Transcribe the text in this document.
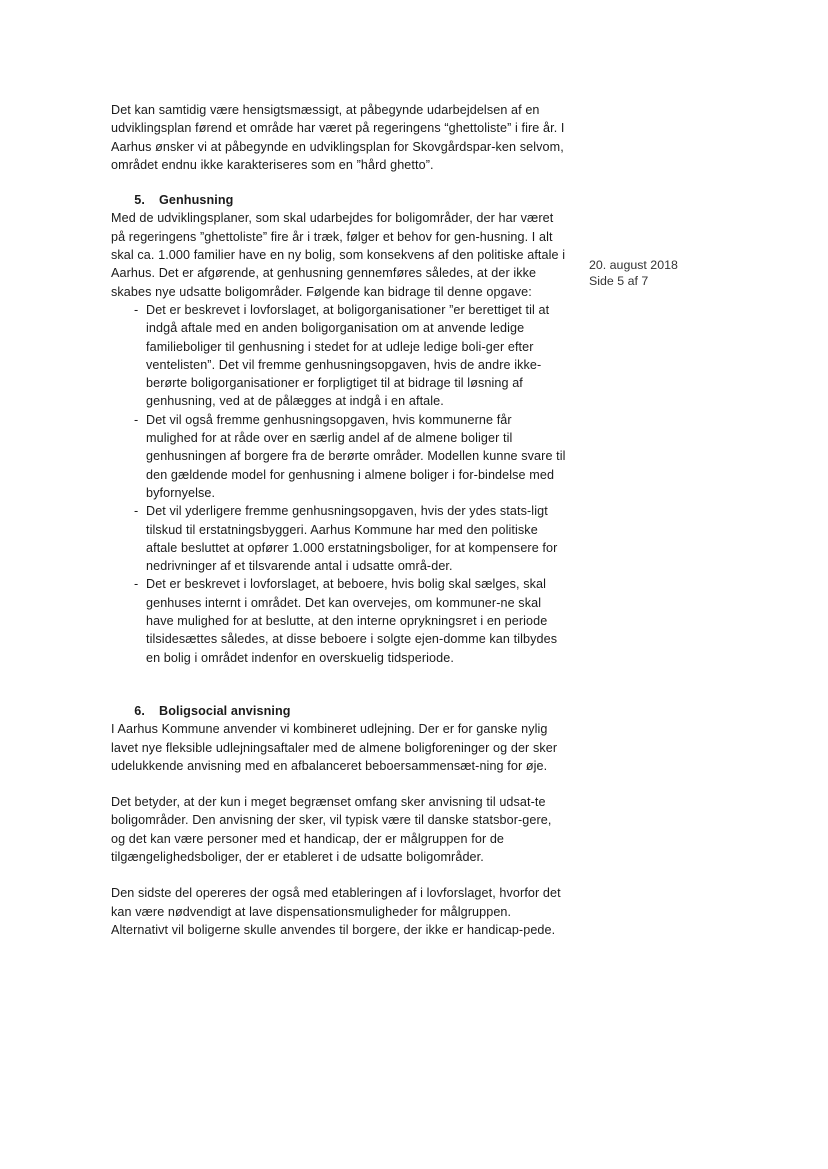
Det kan samtidig være hensigtsmæssigt, at påbegynde udarbejdelsen af en udviklingsplan førend et område har været på regeringens “ghettoliste” i fire år. I Aarhus ønsker vi at påbegynde en udviklingsplan for Skovgårdspar-ken selvom, området endnu ikke karakteriseres som en ”hård ghetto”.

5.	Genhusning

Med de udviklingsplaner, som skal udarbejdes for boligområder, der har været på regeringens ”ghettoliste” fire år i træk, følger et behov for gen-husning. I alt skal ca. 1.000 familier have en ny bolig, som konsekvens af den politiske aftale i Aarhus. Det er afgørende, at genhusning gennemføres således, at der ikke skabes nye udsatte boligområder. Følgende kan bidrage til denne opgave:

- Det er beskrevet i lovforslaget, at boligorganisationer ”er berettiget til at indgå aftale med en anden boligorganisation om at anvende ledige familieboliger til genhusning i stedet for at udleje ledige boli-ger efter ventelisten”. Det vil fremme genhusningsopgaven, hvis de andre ikke-berørte boligorganisationer er forpligtiget til at bidrage til løsning af genhusning, ved at de pålægges at indgå i en aftale.
- Det vil også fremme genhusningsopgaven, hvis kommunerne får mulighed for at råde over en særlig andel af de almene boliger til genhusningen af borgere fra de berørte områder. Modellen kunne svare til den gældende model for genhusning i almene boliger i for-bindelse med byfornyelse.
- Det vil yderligere fremme genhusningsopgaven, hvis der ydes stats-ligt tilskud til erstatningsbyggeri. Aarhus Kommune har med den politiske aftale besluttet at opfører 1.000 erstatningsboliger, for at kompensere for nedrivninger af et tilsvarende antal i udsatte områ-der.
- Det er beskrevet i lovforslaget, at beboere, hvis bolig skal sælges, skal genhuses internt i området. Det kan overvejes, om kommuner-ne skal have mulighed for at beslutte, at den interne oprykningsret i en periode tilsidesættes således, at disse beboere i solgte ejen-domme kan tilbydes en bolig i området indenfor en overskuelig tidsperiode.
6.	Boligsocial anvisning

I Aarhus Kommune anvender vi kombineret udlejning. Der er for ganske nylig lavet nye fleksible udlejningsaftaler med de almene boligforeninger og der sker udelukkende anvisning med en afbalanceret beboersammensæt-ning for øje.

Det betyder, at der kun i meget begrænset omfang sker anvisning til udsat-te boligområder. Den anvisning der sker, vil typisk være til danske statsbor-gere, og det kan være personer med et handicap, der er målgruppen for de tilgængelighedsboliger, der er etableret i de udsatte boligområder.

Den sidste del opereres der også med etableringen af i lovforslaget, hvorfor det kan være nødvendigt at lave dispensationsmuligheder for målgruppen. Alternativt vil boligerne skulle anvendes til borgere, der ikke er handicap-pede.

20. august 2018
Side 5 af 7
